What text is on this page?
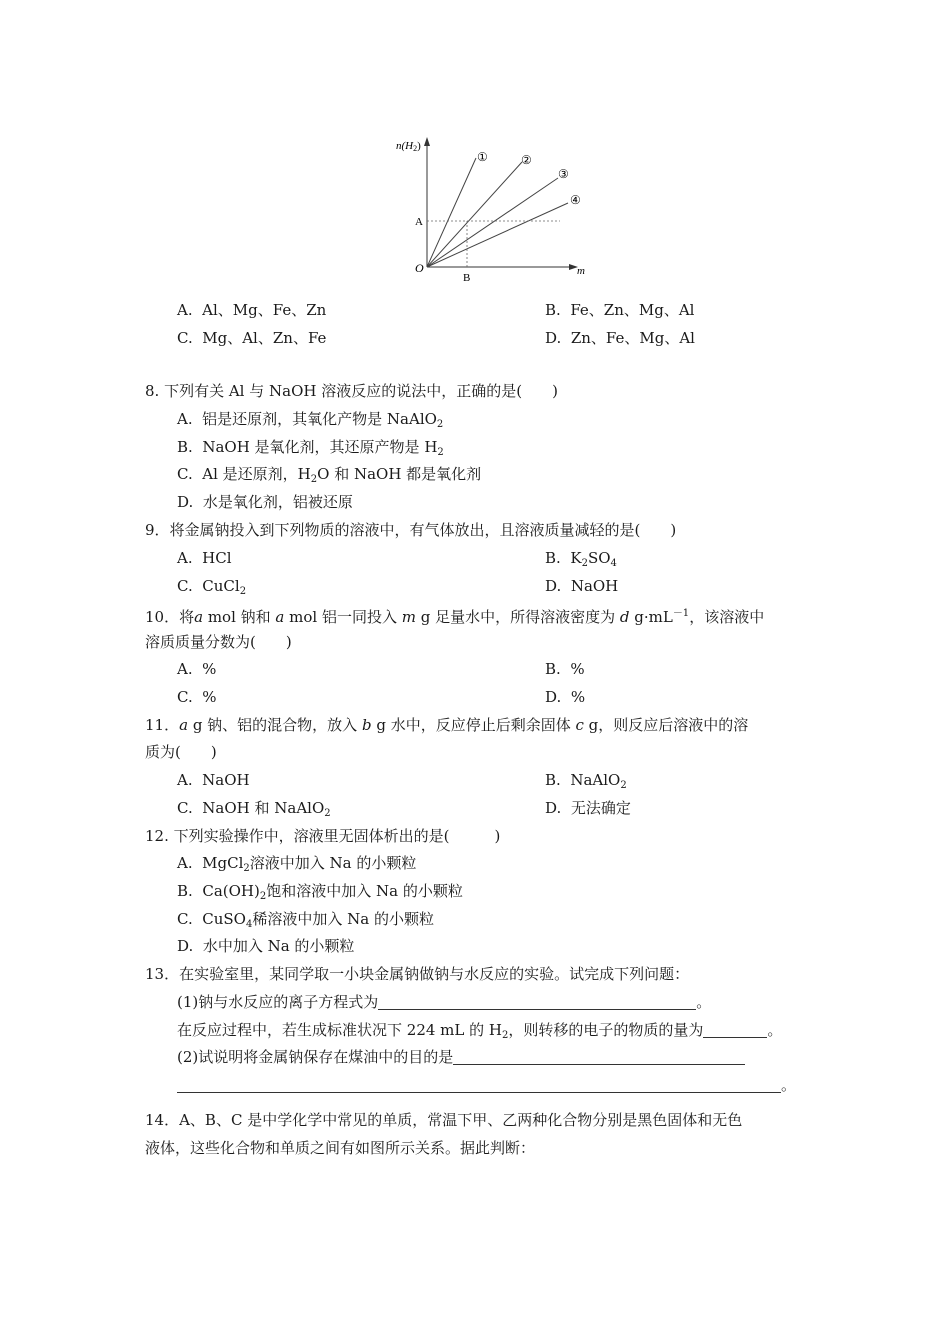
n(H2)
m
O
A
B
①	②
③
④
A. Al、Mg、Fe、Zn	B. Fe、Zn、Mg、Al
C. Mg、Al、Zn、Fe	D. Zn、Fe、Mg、Al
8. 下列有关 Al 与 NaOH 溶液反应的说法中，正确的是(　　)
A. 铝是还原剂，其氧化产物是 NaAlO$_2$
B. NaOH 是氧化剂，其还原产物是 $H_2$
C. Al 是还原剂，$H_2O$ 和 NaOH 都是氧化剂
D. 水是氧化剂，铝被还原
9．将金属钠投入到下列物质的溶液中，有气体放出，且溶液质量减轻的是(　　)
A. HCl	B. $K_2SO_4$
C. CuCl$_2$	D. NaOH
10．将a mol 钠和 a mol 铝一同投入 m g 足量水中，所得溶液密度为 d $g\cdot mL^{-1}$，该溶液中
溶质质量分数为(　　)
A. %	B. %
C. %	D. %
11．a g 钠、铝的混合物，放入 b g 水中，反应停止后剩余固体 c g，则反应后溶液中的溶
质为(　　)
A. NaOH	B. NaAlO$_2$
C. NaOH 和 NaAlO$_2$	D. 无法确定
12. 下列实验操作中，溶液里无固体析出的是(　　　)
A. MgCl$_2$溶液中加入 Na 的小颗粒
B. $Ca(OH)_2$饱和溶液中加入 Na 的小颗粒
C. CuSO$_4$稀溶液中加入 Na 的小颗粒
D. 水中加入 Na 的小颗粒
13．在实验室里，某同学取一小块金属钠做钠与水反应的实验。试完成下列问题：
(1)钠与水反应的离子方程式为	。
在反应过程中，若生成标准状况下 224 mL 的 $H_2$，则转移的电子的物质的量为	。
(2)试说明将金属钠保存在煤油中的目的是
。
14．A、B、C 是中学化学中常见的单质，常温下甲、乙两种化合物分别是黑色固体和无色
液体，这些化合物和单质之间有如图所示关系。据此判断：
